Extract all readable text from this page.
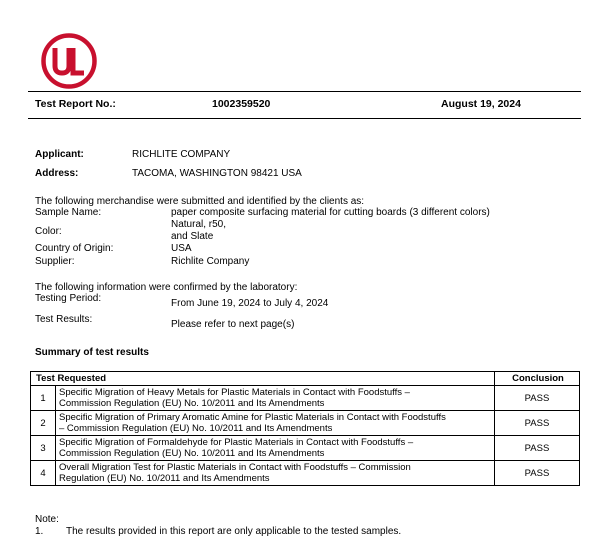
Test Report No.:	1002359520	August 19, 2024
Applicant:	RICHLITE COMPANY
Address:	TACOMA, WASHINGTON 98421 USA
The following merchandise were submitted and identified by the clients as:
Sample Name:	paper composite surfacing material for cutting boards (3 different colors)
Color:
Natural, r50,
and Slate
Country of Origin:	USA
Supplier:	Richlite Company
The following information were confirmed by the laboratory:
Testing Period:	From June 19, 2024 to July 4, 2024
Test Results:	Please refer to next page(s)
Summary of test results
Test Requested		Conclusion
1	Specific Migration of Heavy Metals for Plastic Materials in Contact with Foodstuffs –
Commission Regulation (EU) No. 10/2011 and Its Amendments	PASS
2	Specific Migration of Primary Aromatic Amine for Plastic Materials in Contact with Foodstuffs
– Commission Regulation (EU) No. 10/2011 and Its Amendments	PASS
3	Specific Migration of Formaldehyde for Plastic Materials in Contact with Foodstuffs –
Commission Regulation (EU) No. 10/2011 and Its Amendments	PASS
4	Overall Migration Test for Plastic Materials in Contact with Foodstuffs – Commission
Regulation (EU) No. 10/2011 and Its Amendments	PASS
Note:
1. The results provided in this report are only applicable to the tested samples.
